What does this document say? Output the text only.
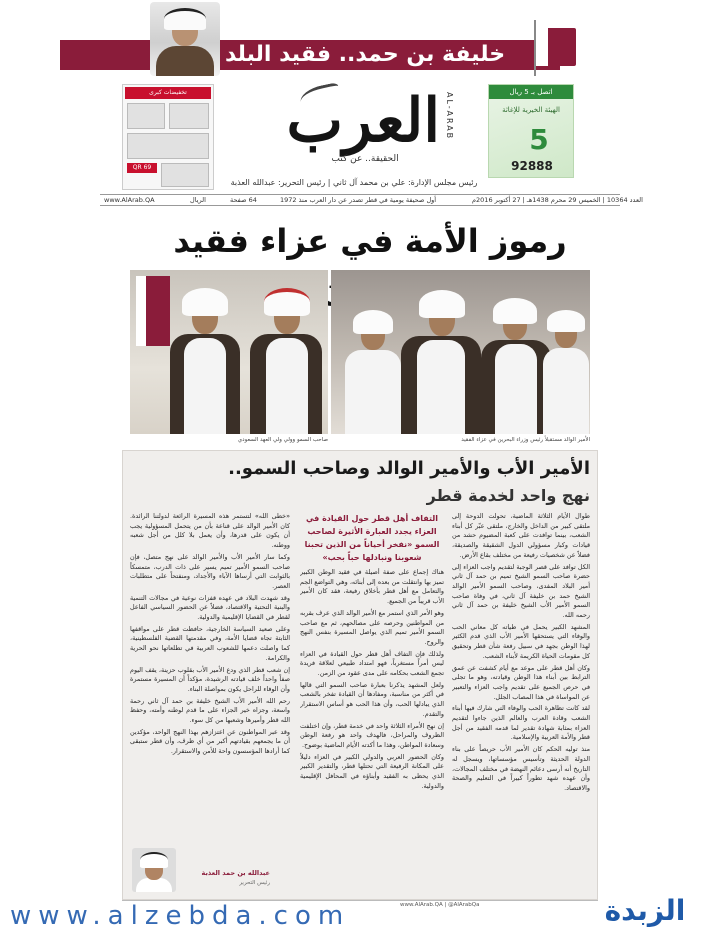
خليفة بن حمد.. فقيد البلد
تخفيضات كبرى
QR 69
العرب AL-ARAB
الحقيقة.. عن كثب
اتصل بـ 5 ريال
الهيئة الخيرية للإغاثة
5
92888
رئيس مجلس الإدارة: علي بن محمد آل ثاني | رئيس التحرير: عبدالله العذبة
www.AlArab.QA	الريال	64 صفحة	أول صحيفة يومية في قطر تصدر عن دار العرب منذ 1972	العدد 10364 | الخميس 29 محرم 1438هـ | 27 أكتوبر 2016م
رموز الأمة في عزاء فقيد
الأمير الوالد مستقبلاً رئيس وزراء البحرين في عزاء الفقيد
صاحب السمو وولي ولي العهد السعودي
الأمير الأب والأمير الوالد وصاحب السمو..
نهج واحد لخدمة قطر

طوال الأيام الثلاثة الماضية، تحولت الدوحة إلى ملتقى كبير من الداخل والخارج، ملتقى عبّر كل أبناء الشعب، بينما توافدت على كعبة المضيوم حشد من قيادات وكبار مسؤولي الدول الشقيقة والصديقة، فضلاً عن شخصيات رفيعة من مختلف بقاع الأرض.

الكل توافد على قصر الوجبة لتقديم واجب العزاء إلى حضرة صاحب السمو الشيخ تميم بن حمد آل ثاني أمير البلاد المفدى، وصاحب السمو الأمير الوالد الشيخ حمد بن خليفة آل ثاني، في وفاة صاحب السمو الأمير الأب الشيخ خليفة بن حمد آل ثاني رحمه الله.

المشهد الكبير يحمل في طياته كل معاني الحب والوفاء التي يستحقها الأمير الأب الذي قدم الكثير لهذا الوطن بجهد في سبيل رفعة شأن قطر وتحقيق كل مقومات الحياة الكريمة لأبناء الشعب.

وكان أهل قطر على موعد مع أيام كشفت عن عمق الترابط بين أبناء هذا الوطن وقيادته، وهو ما تجلى في حرص الجميع على تقديم واجب العزاء والتعبير عن المواساة في هذا المصاب الجلل.

لقد كانت تظاهرة الحب والوفاء التي شارك فيها أبناء الشعب وقادة العرب والعالم الذين جاءوا لتقديم العزاء بمثابة شهادة تقدير لما قدمه الفقيد من أجل قطر والأمة العربية والإسلامية.

منذ توليه الحكم كان الأمير الأب حريصاً على بناء الدولة الحديثة وتأسيس مؤسساتها، ويسجل له التاريخ أنه أرسى دعائم النهضة في مختلف المجالات، وأن عهده شهد تطوراً كبيراً في التعليم والصحة والاقتصاد.

التفاف أهل قطر حول القيادة في العزاء يجدد العبارة الأثيرة لصاحب السمو «نفخر أحياناً من الذين تحبنا شعوبنا ونبادلها حباً بحب»

هناك إجماع على صفة أصيلة في فقيد الوطن الكبير تميز بها وانتقلت من بعده إلى أبنائه، وهي التواضع الجم والتعامل مع أهل قطر بأخلاق رفيعة، فقد كان الأمير الأب قريباً من الجميع.

وهو الأمر الذي استمر مع الأمير الوالد الذي عرف بقربه من المواطنين وحرصه على مصالحهم، ثم مع صاحب السمو الأمير تميم الذي يواصل المسيرة بنفس النهج والروح.

ولذلك فإن التفاف أهل قطر حول القيادة في العزاء ليس أمراً مستغرباً، فهو امتداد طبيعي لعلاقة فريدة تجمع الشعب بحكامه على مدى عقود من الزمن.

ولعل المشهد يذكرنا بعبارة صاحب السمو التي قالها في أكثر من مناسبة، ومفادها أن القيادة تفخر بالشعب الذي يبادلها الحب، وأن هذا الحب هو أساس الاستقرار والتقدم.

إن نهج الأمراء الثلاثة واحد في خدمة قطر، وإن اختلفت الظروف والمراحل، فالهدف واحد هو رفعة الوطن وسعادة المواطن، وهذا ما أكدته الأيام الماضية بوضوح.

وكان الحضور العربي والدولي الكبير في العزاء دليلاً على المكانة الرفيعة التي تحتلها قطر، والتقدير الكبير الذي يحظى به الفقيد وأبناؤه في المحافل الإقليمية والدولية.

«خطى الله» لتستمر هذه المسيرة الرائعة لدولتنا الرائدة. كان الأمير الوالد على قناعة بأن من يتحمل المسؤولية يجب أن يكون على قدرها، وأن يعمل بلا كلل من أجل شعبه ووطنه.

وكما سار الأمير الأب والأمير الوالد على نهج متصل، فإن صاحب السمو الأمير تميم يسير على ذات الدرب، متمسكاً بالثوابت التي أرساها الآباء والأجداد، ومنفتحاً على متطلبات العصر.

وقد شهدت البلاد في عهده قفزات نوعية في مجالات التنمية والبنية التحتية والاقتصاد، فضلاً عن الحضور السياسي الفاعل لقطر في القضايا الإقليمية والدولية.

وعلى صعيد السياسة الخارجية، حافظت قطر على مواقفها الثابتة تجاه قضايا الأمة، وفي مقدمتها القضية الفلسطينية، كما واصلت دعمها للشعوب العربية في تطلعاتها نحو الحرية والكرامة.

إن شعب قطر الذي ودع الأمير الأب بقلوب حزينة، يقف اليوم صفاً واحداً خلف قيادته الرشيدة، مؤكداً أن المسيرة مستمرة وأن الوفاء للراحل يكون بمواصلة البناء.

رحم الله الأمير الأب الشيخ خليفة بن حمد آل ثاني رحمة واسعة، وجزاه خير الجزاء على ما قدم لوطنه وأمته، وحفظ الله قطر وأميرها وشعبها من كل سوء.

وقد عبر المواطنون عن اعتزازهم بهذا النهج الواحد، مؤكدين أن ما يجمعهم بقيادتهم أكبر من أي ظرف، وأن قطر ستبقى كما أرادها المؤسسون واحة للأمن والاستقرار.

عبدالله بن حمد العذبة
رئيس التحرير
www.AlArab.QA | @AlArabQa
www.alzebda.com	الزبدة
